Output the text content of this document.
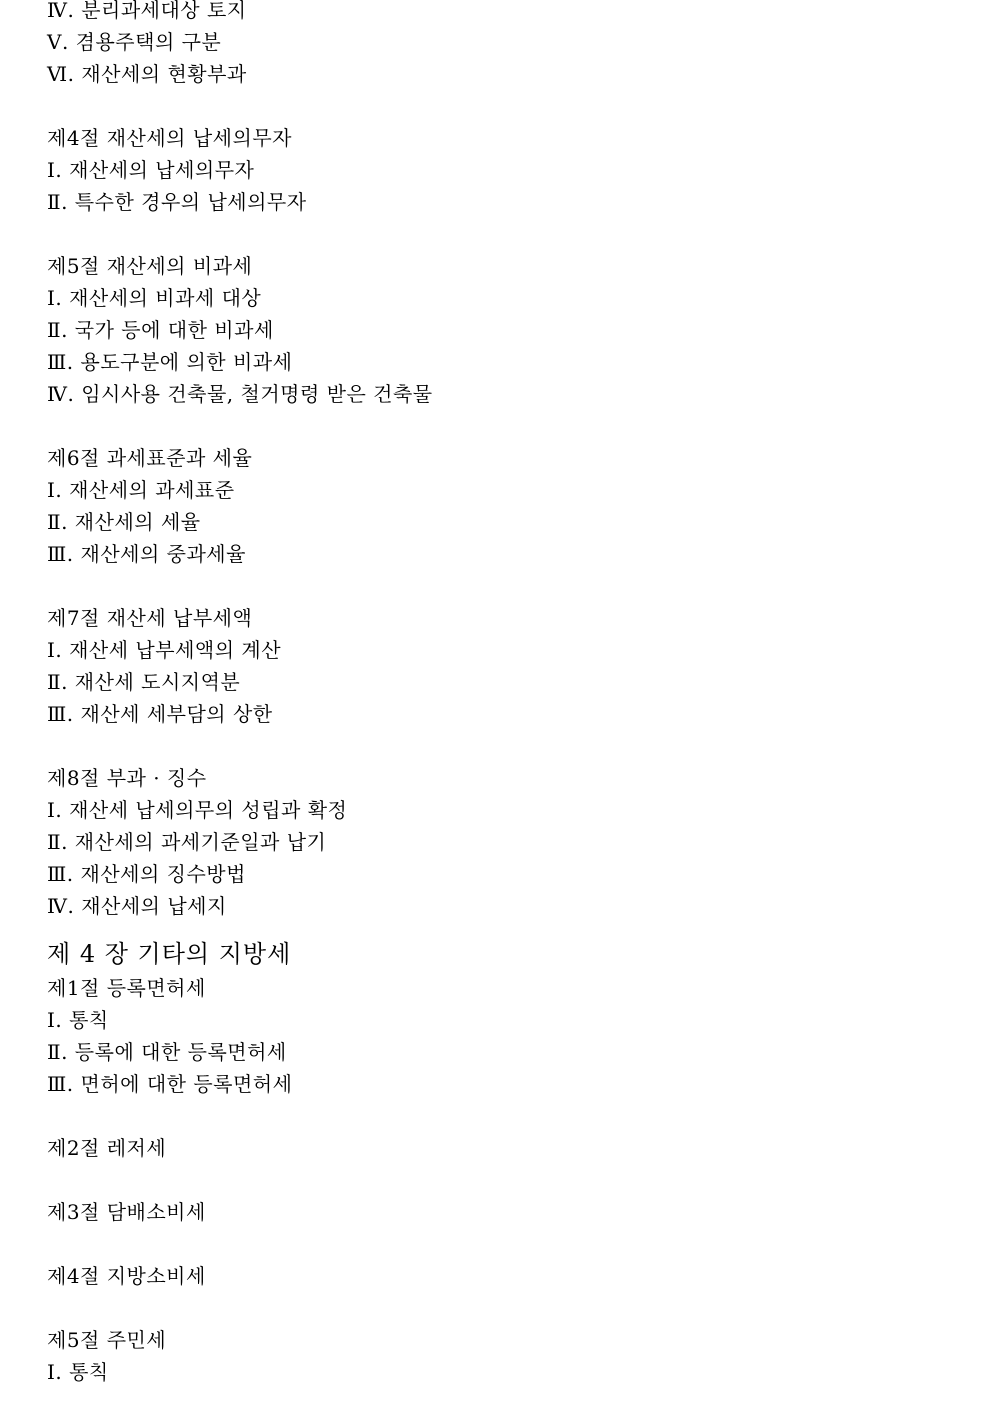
Ⅳ. 분리과세대상 토지
Ⅴ. 겸용주택의 구분
Ⅵ. 재산세의 현황부과
제4절 재산세의 납세의무자
Ⅰ. 재산세의 납세의무자
Ⅱ. 특수한 경우의 납세의무자
제5절 재산세의 비과세
Ⅰ. 재산세의 비과세 대상
Ⅱ. 국가 등에 대한 비과세
Ⅲ. 용도구분에 의한 비과세
Ⅳ. 임시사용 건축물, 철거명령 받은 건축물
제6절 과세표준과 세율
Ⅰ. 재산세의 과세표준
Ⅱ. 재산세의 세율
Ⅲ. 재산세의 중과세율
제7절 재산세 납부세액
Ⅰ. 재산세 납부세액의 계산
Ⅱ. 재산세 도시지역분
Ⅲ. 재산세 세부담의 상한
제8절 부과 · 징수
Ⅰ. 재산세 납세의무의 성립과 확정
Ⅱ. 재산세의 과세기준일과 납기
Ⅲ. 재산세의 징수방법
Ⅳ. 재산세의 납세지
제 4 장 기타의 지방세
제1절 등록면허세
Ⅰ. 통칙
Ⅱ. 등록에 대한 등록면허세
Ⅲ. 면허에 대한 등록면허세
제2절 레저세
제3절 담배소비세
제4절 지방소비세
제5절 주민세
Ⅰ. 통칙
